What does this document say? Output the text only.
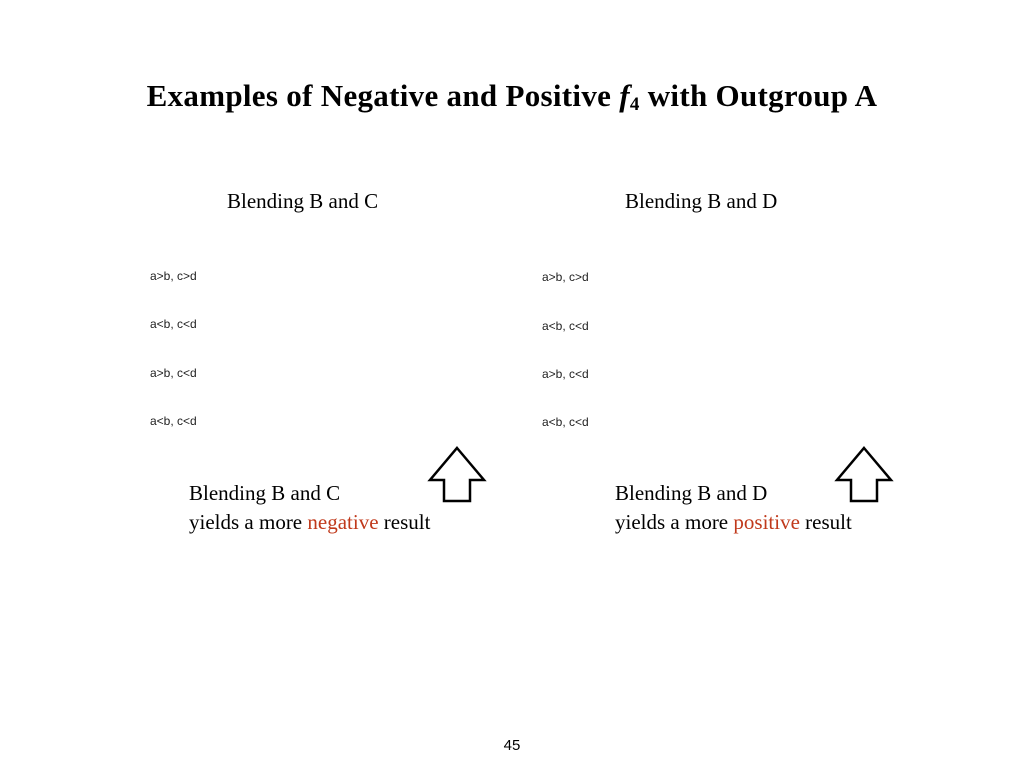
Examples of Negative and Positive $f_4$ with Outgroup A
Blending B and C	Blending B and D
a>b, c>d
a<b, c<d
a>b, c<d
a<b, c<d
a>b, c>d
a<b, c<d
a>b, c<d
a<b, c<d
Blending B and C
yields a more negative result
Blending B and D
yields a more positive result
45
